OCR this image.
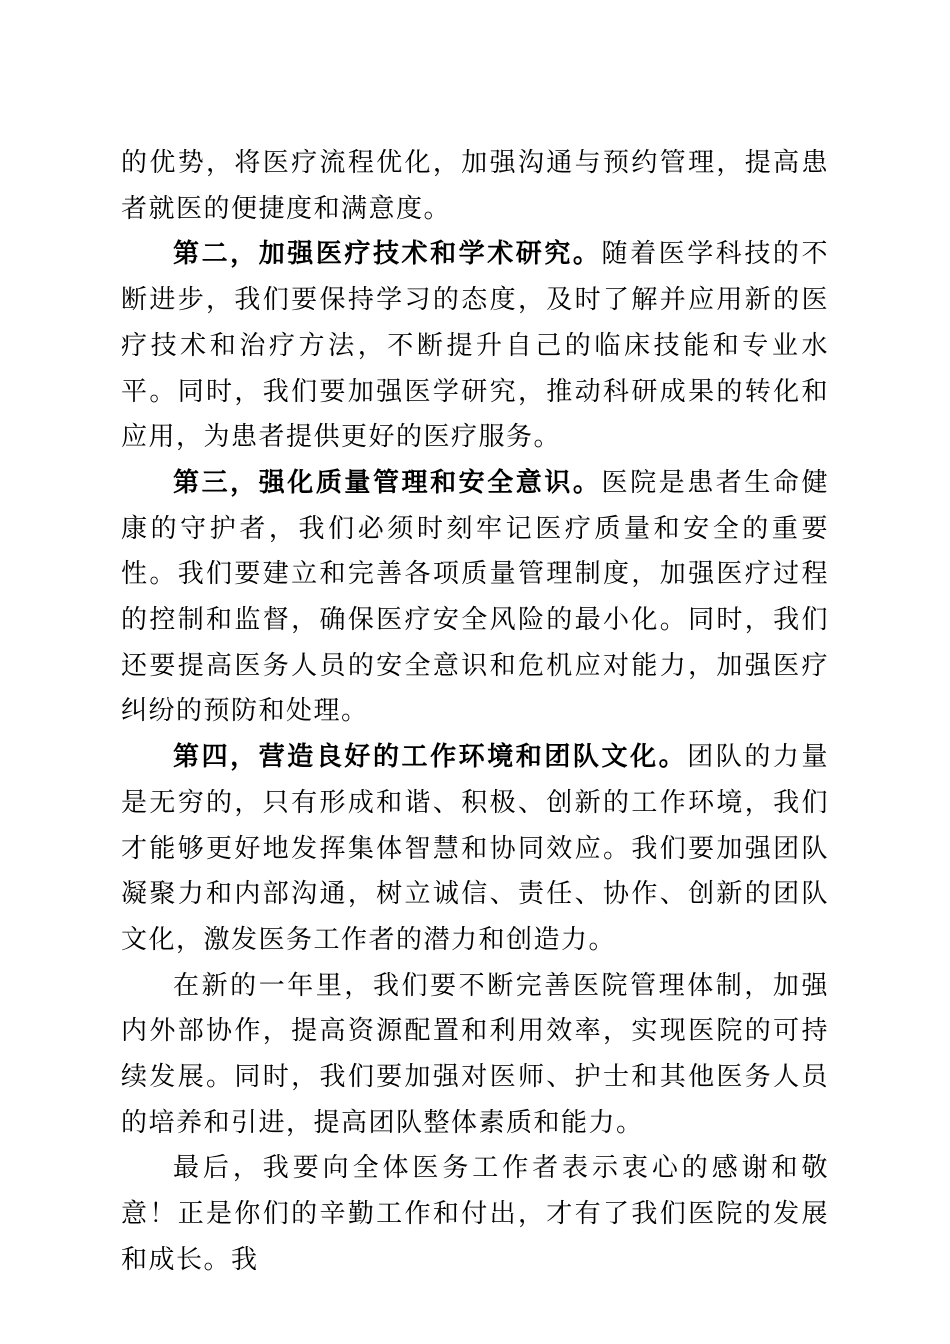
的优势，将医疗流程优化，加强沟通与预约管理，提高患者就医的便捷度和满意度。

第二，加强医疗技术和学术研究。随着医学科技的不断进步，我们要保持学习的态度，及时了解并应用新的医疗技术和治疗方法，不断提升自己的临床技能和专业水平。同时，我们要加强医学研究，推动科研成果的转化和应用，为患者提供更好的医疗服务。

第三，强化质量管理和安全意识。医院是患者生命健康的守护者，我们必须时刻牢记医疗质量和安全的重要性。我们要建立和完善各项质量管理制度，加强医疗过程的控制和监督，确保医疗安全风险的最小化。同时，我们还要提高医务人员的安全意识和危机应对能力，加强医疗纠纷的预防和处理。

第四，营造良好的工作环境和团队文化。团队的力量是无穷的，只有形成和谐、积极、创新的工作环境，我们才能够更好地发挥集体智慧和协同效应。我们要加强团队凝聚力和内部沟通，树立诚信、责任、协作、创新的团队文化，激发医务工作者的潜力和创造力。

在新的一年里，我们要不断完善医院管理体制，加强内外部协作，提高资源配置和利用效率，实现医院的可持续发展。同时，我们要加强对医师、护士和其他医务人员的培养和引进，提高团队整体素质和能力。

最后，我要向全体医务工作者表示衷心的感谢和敬意！正是你们的辛勤工作和付出，才有了我们医院的发展和成长。我
